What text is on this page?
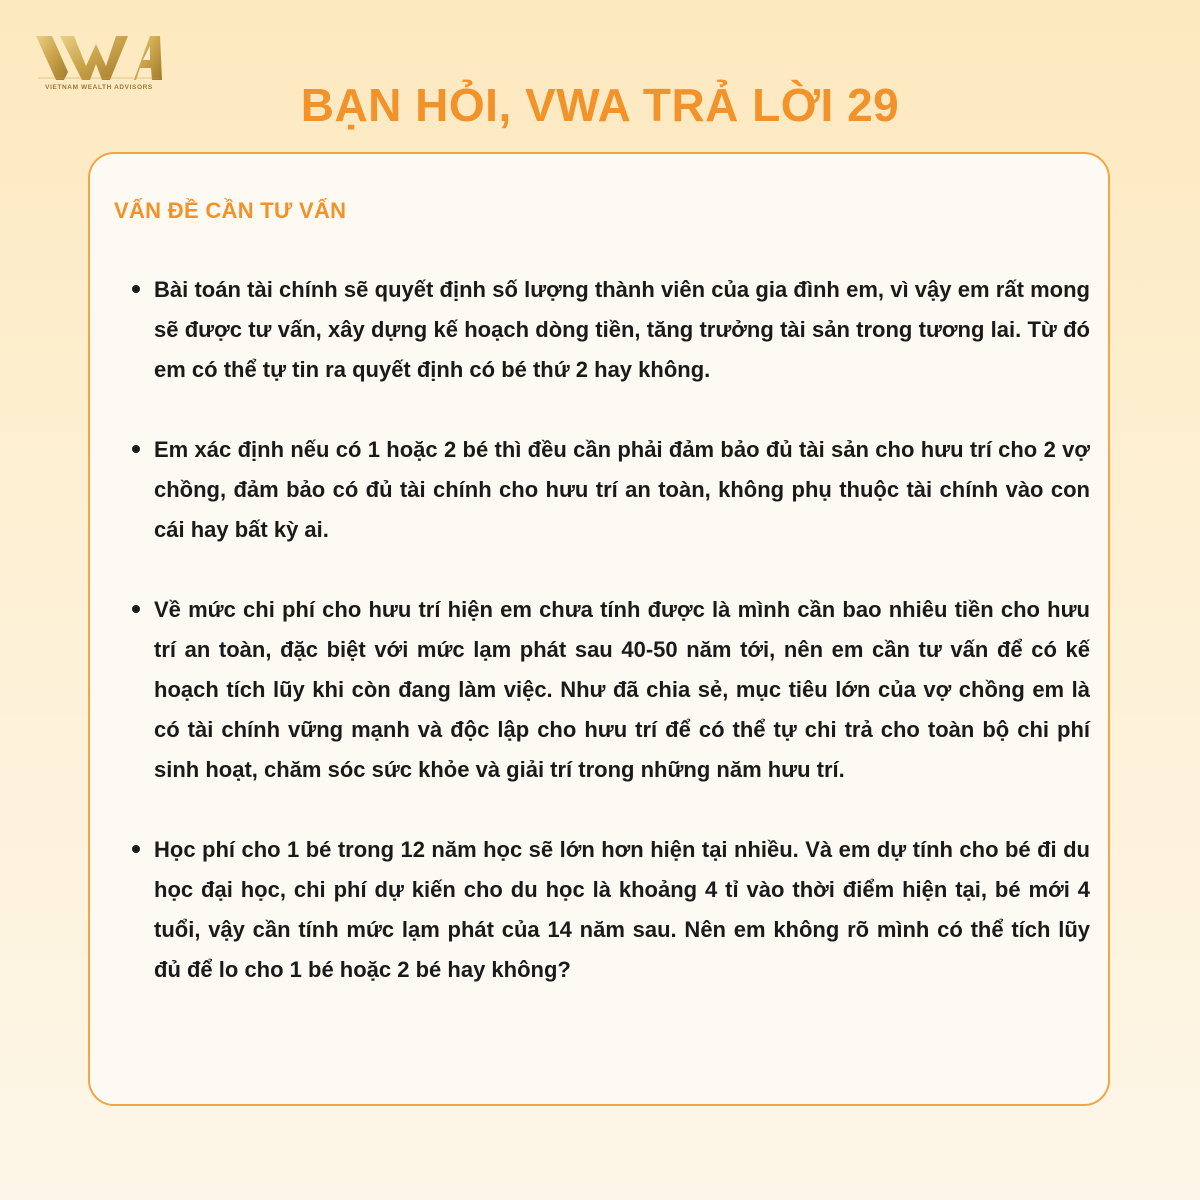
VIETNAM WEALTH ADVISORS	BẠN HỎI, VWA TRẢ LỜI 29
VẤN ĐỀ CẦN TƯ VẤN
Bài toán tài chính sẽ quyết định số lượng thành viên của gia đình em, vì vậy em rất mong sẽ được tư vấn, xây dựng kế hoạch dòng tiền, tăng trưởng tài sản trong tương lai. Từ đó em có thể tự tin ra quyết định có bé thứ 2 hay không.
Em xác định nếu có 1 hoặc 2 bé thì đều cần phải đảm bảo đủ tài sản cho hưu trí cho 2 vợ chồng, đảm bảo có đủ tài chính cho hưu trí an toàn, không phụ thuộc tài chính vào con cái hay bất kỳ ai.
Về mức chi phí cho hưu trí hiện em chưa tính được là mình cần bao nhiêu tiền cho hưu trí an toàn, đặc biệt với mức lạm phát sau 40-50 năm tới, nên em cần tư vấn để có kế hoạch tích lũy khi còn đang làm việc. Như đã chia sẻ, mục tiêu lớn của vợ chồng em là có tài chính vững mạnh và độc lập cho hưu trí để có thể tự chi trả cho toàn bộ chi phí sinh hoạt, chăm sóc sức khỏe và giải trí trong những năm hưu trí.
Học phí cho 1 bé trong 12 năm học sẽ lớn hơn hiện tại nhiều. Và em dự tính cho bé đi du học đại học, chi phí dự kiến cho du học là khoảng 4 tỉ vào thời điểm hiện tại, bé mới 4 tuổi, vậy cần tính mức lạm phát của 14 năm sau. Nên em không rõ mình có thể tích lũy đủ để lo cho 1 bé hoặc 2 bé hay không?
